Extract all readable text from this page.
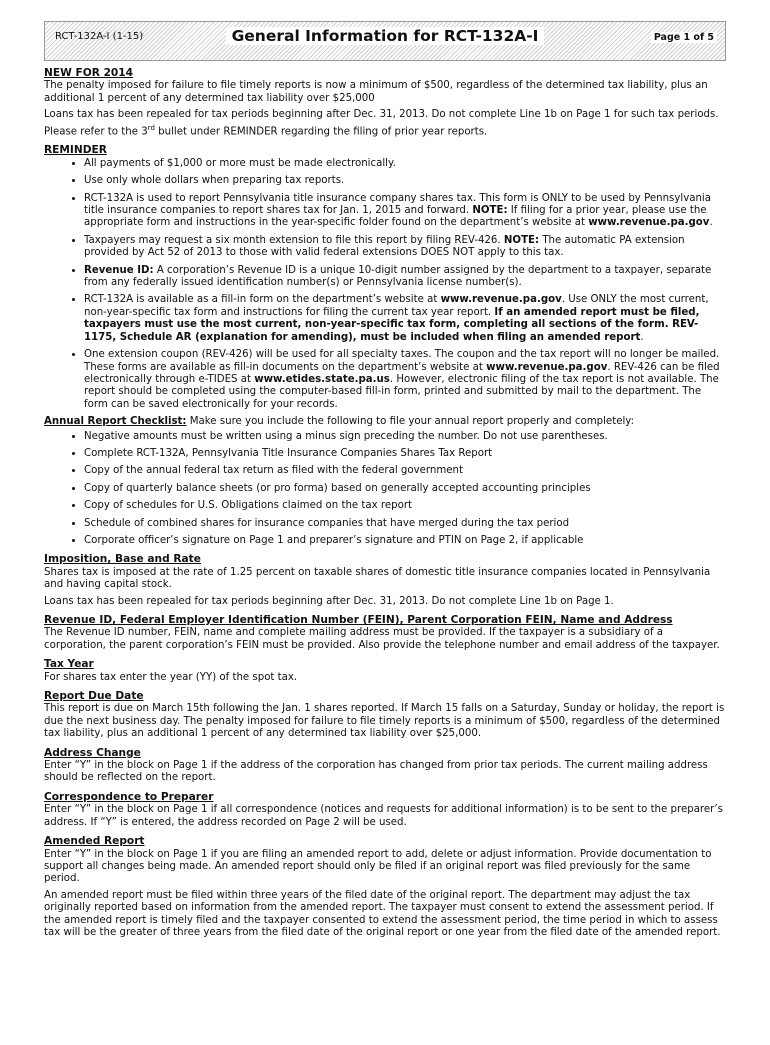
RCT-132A-I (1-15)	General Information for RCT-132A-I	Page 1 of 5
NEW FOR 2014

The penalty imposed for failure to file timely reports is now a minimum of $500, regardless of the determined tax liability, plus an additional 1 percent of any determined tax liability over $25,000

Loans tax has been repealed for tax periods beginning after Dec. 31, 2013. Do not complete Line 1b on Page 1 for such tax periods. Please refer to the 3rd bullet under REMINDER regarding the filing of prior year reports.

REMINDER
• All payments of $1,000 or more must be made electronically.
• Use only whole dollars when preparing tax reports.
• RCT-132A is used to report Pennsylvania title insurance company shares tax. This form is ONLY to be used by Pennsylvania title insurance companies to report shares tax for Jan. 1, 2015 and forward. NOTE: If filing for a prior year, please use the appropriate form and instructions in the year-specific folder found on the department’s website at www.revenue.pa.gov.
• Taxpayers may request a six month extension to file this report by filing REV-426. NOTE: The automatic PA extension provided by Act 52 of 2013 to those with valid federal extensions DOES NOT apply to this tax.
• Revenue ID: A corporation’s Revenue ID is a unique 10-digit number assigned by the department to a taxpayer, separate from any federally issued identification number(s) or Pennsylvania license number(s).
• RCT-132A is available as a fill-in form on the department’s website at www.revenue.pa.gov. Use ONLY the most current, non-year-specific tax form and instructions for filing the current tax year report. If an amended report must be filed, taxpayers must use the most current, non-year-specific tax form, completing all sections of the form. REV-1175, Schedule AR (explanation for amending), must be included when filing an amended report.
• One extension coupon (REV-426) will be used for all specialty taxes. The coupon and the tax report will no longer be mailed. These forms are available as fill-in documents on the department’s website at www.revenue.pa.gov. REV-426 can be filed electronically through e-TIDES at www.etides.state.pa.us. However, electronic filing of the tax report is not available. The report should be completed using the computer-based fill-in form, printed and submitted by mail to the department. The form can be saved electronically for your records.

Annual Report Checklist: Make sure you include the following to file your annual report properly and completely:

• Negative amounts must be written using a minus sign preceding the number. Do not use parentheses.
• Complete RCT-132A, Pennsylvania Title Insurance Companies Shares Tax Report
• Copy of the annual federal tax return as filed with the federal government
• Copy of quarterly balance sheets (or pro forma) based on generally accepted accounting principles
• Copy of schedules for U.S. Obligations claimed on the tax report
• Schedule of combined shares for insurance companies that have merged during the tax period
• Corporate officer’s signature on Page 1 and preparer’s signature and PTIN on Page 2, if applicable
Imposition, Base and Rate

Shares tax is imposed at the rate of 1.25 percent on taxable shares of domestic title insurance companies located in Pennsylvania and having capital stock.

Loans tax has been repealed for tax periods beginning after Dec. 31, 2013. Do not complete Line 1b on Page 1.

Revenue ID, Federal Employer Identification Number (FEIN), Parent Corporation FEIN, Name and Address

The Revenue ID number, FEIN, name and complete mailing address must be provided. If the taxpayer is a subsidiary of a corporation, the parent corporation’s FEIN must be provided. Also provide the telephone number and email address of the taxpayer.

Tax Year

For shares tax enter the year (YY) of the spot tax.

Report Due Date

This report is due on March 15th following the Jan. 1 shares reported. If March 15 falls on a Saturday, Sunday or holiday, the report is due the next business day. The penalty imposed for failure to file timely reports is a minimum of $500, regardless of the determined tax liability, plus an additional 1 percent of any determined tax liability over $25,000.

Address Change

Enter “Y” in the block on Page 1 if the address of the corporation has changed from prior tax periods. The current mailing address should be reflected on the report.

Correspondence to Preparer

Enter “Y” in the block on Page 1 if all correspondence (notices and requests for additional information) is to be sent to the preparer’s address. If “Y” is entered, the address recorded on Page 2 will be used.

Amended Report

Enter “Y” in the block on Page 1 if you are filing an amended report to add, delete or adjust information. Provide documentation to support all changes being made. An amended report should only be filed if an original report was filed previously for the same period.

An amended report must be filed within three years of the filed date of the original report. The department may adjust the tax originally reported based on information from the amended report. The taxpayer must consent to extend the assessment period. If the amended report is timely filed and the taxpayer consented to extend the assessment period, the time period in which to assess tax will be the greater of three years from the filed date of the original report or one year from the filed date of the amended report.
